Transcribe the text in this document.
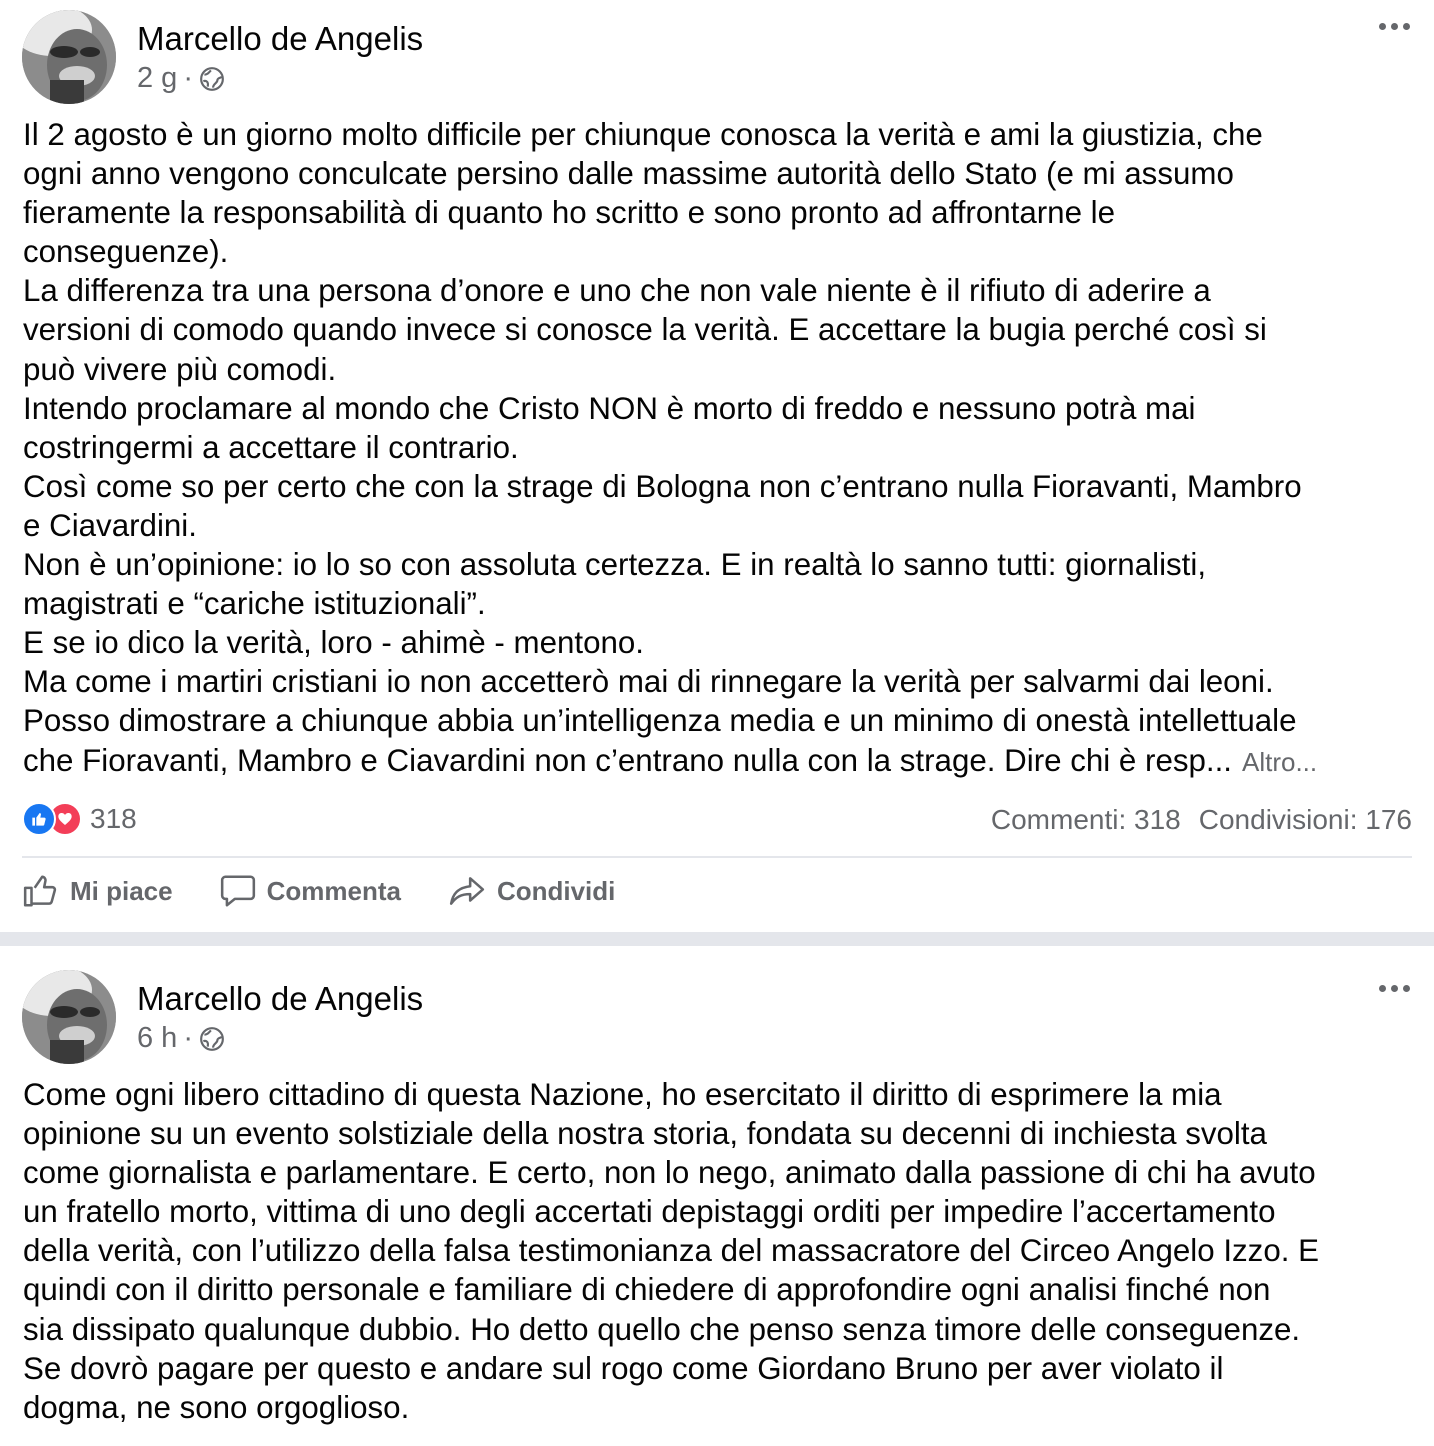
Marcello de Angelis
2 g ·
Il 2 agosto è un giorno molto difficile per chiunque conosca la verità e ami la giustizia, che
ogni anno vengono conculcate persino dalle massime autorità dello Stato (e mi assumo
fieramente la responsabilità di quanto ho scritto e sono pronto ad affrontarne le
conseguenze).
La differenza tra una persona d’onore e uno che non vale niente è il rifiuto di aderire a
versioni di comodo quando invece si conosce la verità. E accettare la bugia perché così si
può vivere più comodi.
Intendo proclamare al mondo che Cristo NON è morto di freddo e nessuno potrà mai
costringermi a accettare il contrario.
Così come so per certo che con la strage di Bologna non c’entrano nulla Fioravanti, Mambro
e Ciavardini.
Non è un’opinione: io lo so con assoluta certezza. E in realtà lo sanno tutti: giornalisti,
magistrati e “cariche istituzionali”.
E se io dico la verità, loro - ahimè - mentono.
Ma come i martiri cristiani io non accetterò mai di rinnegare la verità per salvarmi dai leoni.
Posso dimostrare a chiunque abbia un’intelligenza media e un minimo di onestà intellettuale
che Fioravanti, Mambro e Ciavardini non c’entrano nulla con la strage. Dire chi è resp... Altro...
318	Commenti: 318 Condivisioni: 176
Mi piace	Commenta	Condividi
Marcello de Angelis
6 h ·
Come ogni libero cittadino di questa Nazione, ho esercitato il diritto di esprimere la mia
opinione su un evento solstiziale della nostra storia, fondata su decenni di inchiesta svolta
come giornalista e parlamentare. E certo, non lo nego, animato dalla passione di chi ha avuto
un fratello morto, vittima di uno degli accertati depistaggi orditi per impedire l’accertamento
della verità, con l’utilizzo della falsa testimonianza del massacratore del Circeo Angelo Izzo. E
quindi con il diritto personale e familiare di chiedere di approfondire ogni analisi finché non
sia dissipato qualunque dubbio. Ho detto quello che penso senza timore delle conseguenze.
Se dovrò pagare per questo e andare sul rogo come Giordano Bruno per aver violato il
dogma, ne sono orgoglioso.
